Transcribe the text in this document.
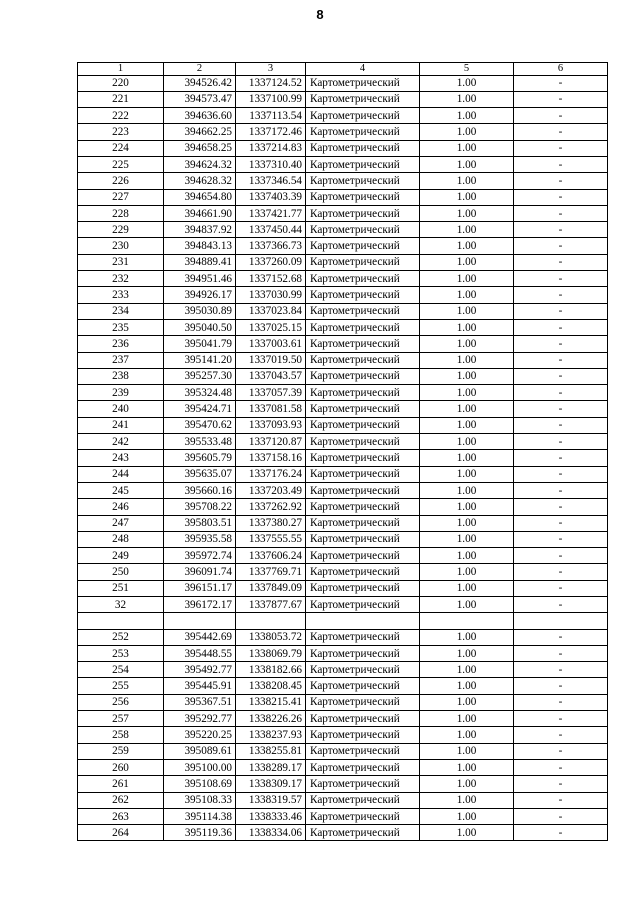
8
1	2	3	4	5	6
220	394526.42	1337124.52	Картометрический	1.00	-
221	394573.47	1337100.99	Картометрический	1.00	-
222	394636.60	1337113.54	Картометрический	1.00	-
223	394662.25	1337172.46	Картометрический	1.00	-
224	394658.25	1337214.83	Картометрический	1.00	-
225	394624.32	1337310.40	Картометрический	1.00	-
226	394628.32	1337346.54	Картометрический	1.00	-
227	394654.80	1337403.39	Картометрический	1.00	-
228	394661.90	1337421.77	Картометрический	1.00	-
229	394837.92	1337450.44	Картометрический	1.00	-
230	394843.13	1337366.73	Картометрический	1.00	-
231	394889.41	1337260.09	Картометрический	1.00	-
232	394951.46	1337152.68	Картометрический	1.00	-
233	394926.17	1337030.99	Картометрический	1.00	-
234	395030.89	1337023.84	Картометрический	1.00	-
235	395040.50	1337025.15	Картометрический	1.00	-
236	395041.79	1337003.61	Картометрический	1.00	-
237	395141.20	1337019.50	Картометрический	1.00	-
238	395257.30	1337043.57	Картометрический	1.00	-
239	395324.48	1337057.39	Картометрический	1.00	-
240	395424.71	1337081.58	Картометрический	1.00	-
241	395470.62	1337093.93	Картометрический	1.00	-
242	395533.48	1337120.87	Картометрический	1.00	-
243	395605.79	1337158.16	Картометрический	1.00	-
244	395635.07	1337176.24	Картометрический	1.00	-
245	395660.16	1337203.49	Картометрический	1.00	-
246	395708.22	1337262.92	Картометрический	1.00	-
247	395803.51	1337380.27	Картометрический	1.00	-
248	395935.58	1337555.55	Картометрический	1.00	-
249	395972.74	1337606.24	Картометрический	1.00	-
250	396091.74	1337769.71	Картометрический	1.00	-
251	396151.17	1337849.09	Картометрический	1.00	-
32	396172.17	1337877.67	Картометрический	1.00	-

252	395442.69	1338053.72	Картометрический	1.00	-
253	395448.55	1338069.79	Картометрический	1.00	-
254	395492.77	1338182.66	Картометрический	1.00	-
255	395445.91	1338208.45	Картометрический	1.00	-
256	395367.51	1338215.41	Картометрический	1.00	-
257	395292.77	1338226.26	Картометрический	1.00	-
258	395220.25	1338237.93	Картометрический	1.00	-
259	395089.61	1338255.81	Картометрический	1.00	-
260	395100.00	1338289.17	Картометрический	1.00	-
261	395108.69	1338309.17	Картометрический	1.00	-
262	395108.33	1338319.57	Картометрический	1.00	-
263	395114.38	1338333.46	Картометрический	1.00	-
264	395119.36	1338334.06	Картометрический	1.00	-
